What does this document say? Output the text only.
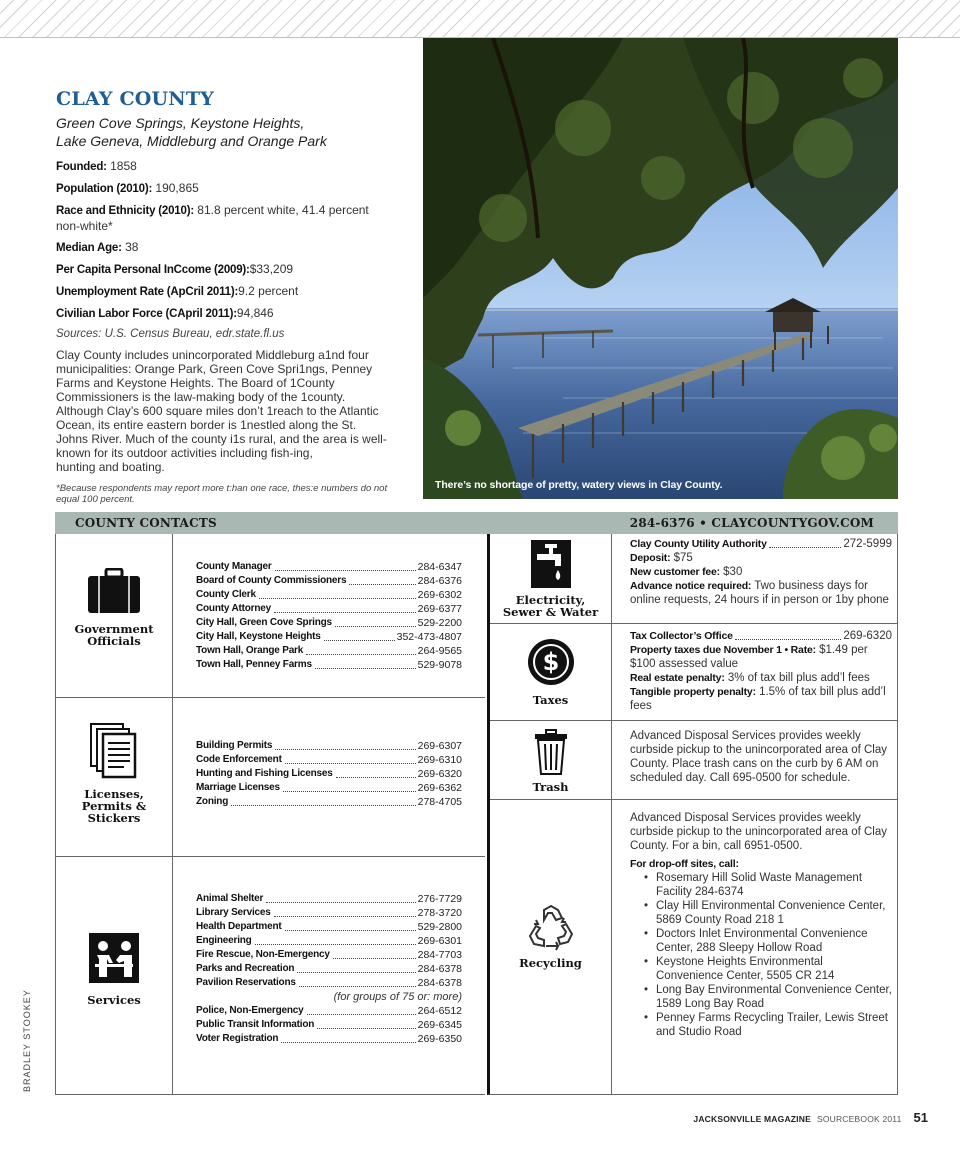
CLAY COUNTY
Green Cove Springs, Keystone Heights,
Lake Geneva, Middleburg and Orange Park
Founded: 1858
Population (2010): 190,865
Race and Ethnicity (2010): 81.8 percent white, 41.4 percent non-white*
Median Age: 38
Per Capita Personal InCcome (2009):$33,209
Unemployment Rate (ApCril 2011):9.2 percent
Civilian Labor Force (CApril 2011):94,846
Sources: U.S. Census Bureau, edr.state.fl.us
Clay County includes unincorporated Middleburg a1nd four municipalities: Orange Park, Green Cove Spri1ngs, Penney Farms and Keystone Heights. The Board of 1County Commissioners is the law-making body of the 1county. Although Clay’s 600 square miles don’t 1reach to the Atlantic Ocean, its entire eastern border is 1nestled along the St. Johns River. Much of the county i1s rural, and the area is well-known for its outdoor activities including fish-ing,
hunting and boating.
*Because respondents may report more t:han one race, thes:e numbers do not equal 100 percent.
There’s no shortage of pretty, watery views in Clay County.
COUNTY CONTACTS	284-6376 • CLAYCOUNTYGOV.COM
Government
Officials
County Manager	284-6347
Board of County Commissioners	284-6376
County Clerk	269-6302
County Attorney	269-6377
City Hall, Green Cove Springs	529-2200
City Hall, Keystone Heights	352-473-4807
Town Hall, Orange Park	264-9565
Town Hall, Penney Farms	529-9078
Licenses,
Permits &
Stickers
Building Permits	269-6307
Code Enforcement	269-6310
Hunting and Fishing Licenses	269-6320
Marriage Licenses	269-6362
Zoning	278-4705
Services
Animal Shelter	276-7729
Library Services	278-3720
Health Department	529-2800
Engineering	269-6301
Fire Rescue, Non-Emergency	284-7703
Parks and Recreation	284-6378
Pavilion Reservations	284-6378
(for groups of 75 or: more)
Police, Non-Emergency	264-6512
Public Transit Information	269-6345
Voter Registration	269-6350
Electricity,
Sewer & Water
Clay County Utility Authority	272-5999

Deposit: $75

New customer fee: $30

Advance notice required: Two business days for online requests, 24 hours if in person or 1by phone

$
Taxes
Tax Collector’s Office	269-6320

Property taxes due November 1 • Rate: $1.49 per $100 assessed value

Real estate penalty: 3% of tax bill plus add’l fees

Tangible property penalty: 1.5% of tax bill plus add’l fees

Trash
Advanced Disposal Services provides weekly curbside pickup to the unincorporated area of Clay County. Place trash cans on the curb by 6 AM on scheduled day. Call 695-0500 for schedule.
Recycling

Advanced Disposal Services provides weekly curbside pickup to the unincorporated area of Clay County. For a bin, call 6951-0500.

For drop-off sites, call:

• Rosemary Hill Solid Waste Management Facility 284-6374
• Clay Hill Environmental Convenience Center, 5869 County Road 218 1
• Doctors Inlet Environmental Convenience Center, 288 Sleepy Hollow Road
• Keystone Heights Environmental Convenience Center, 5505 CR 214
• Long Bay Environmental Convenience Center, 1589 Long Bay Road
• Penney Farms Recycling Trailer, Lewis Street and Studio Road
BRADLEY STOOKEY
JACKSONVILLE MAGAZINE SOURCEBOOK 2011 51
